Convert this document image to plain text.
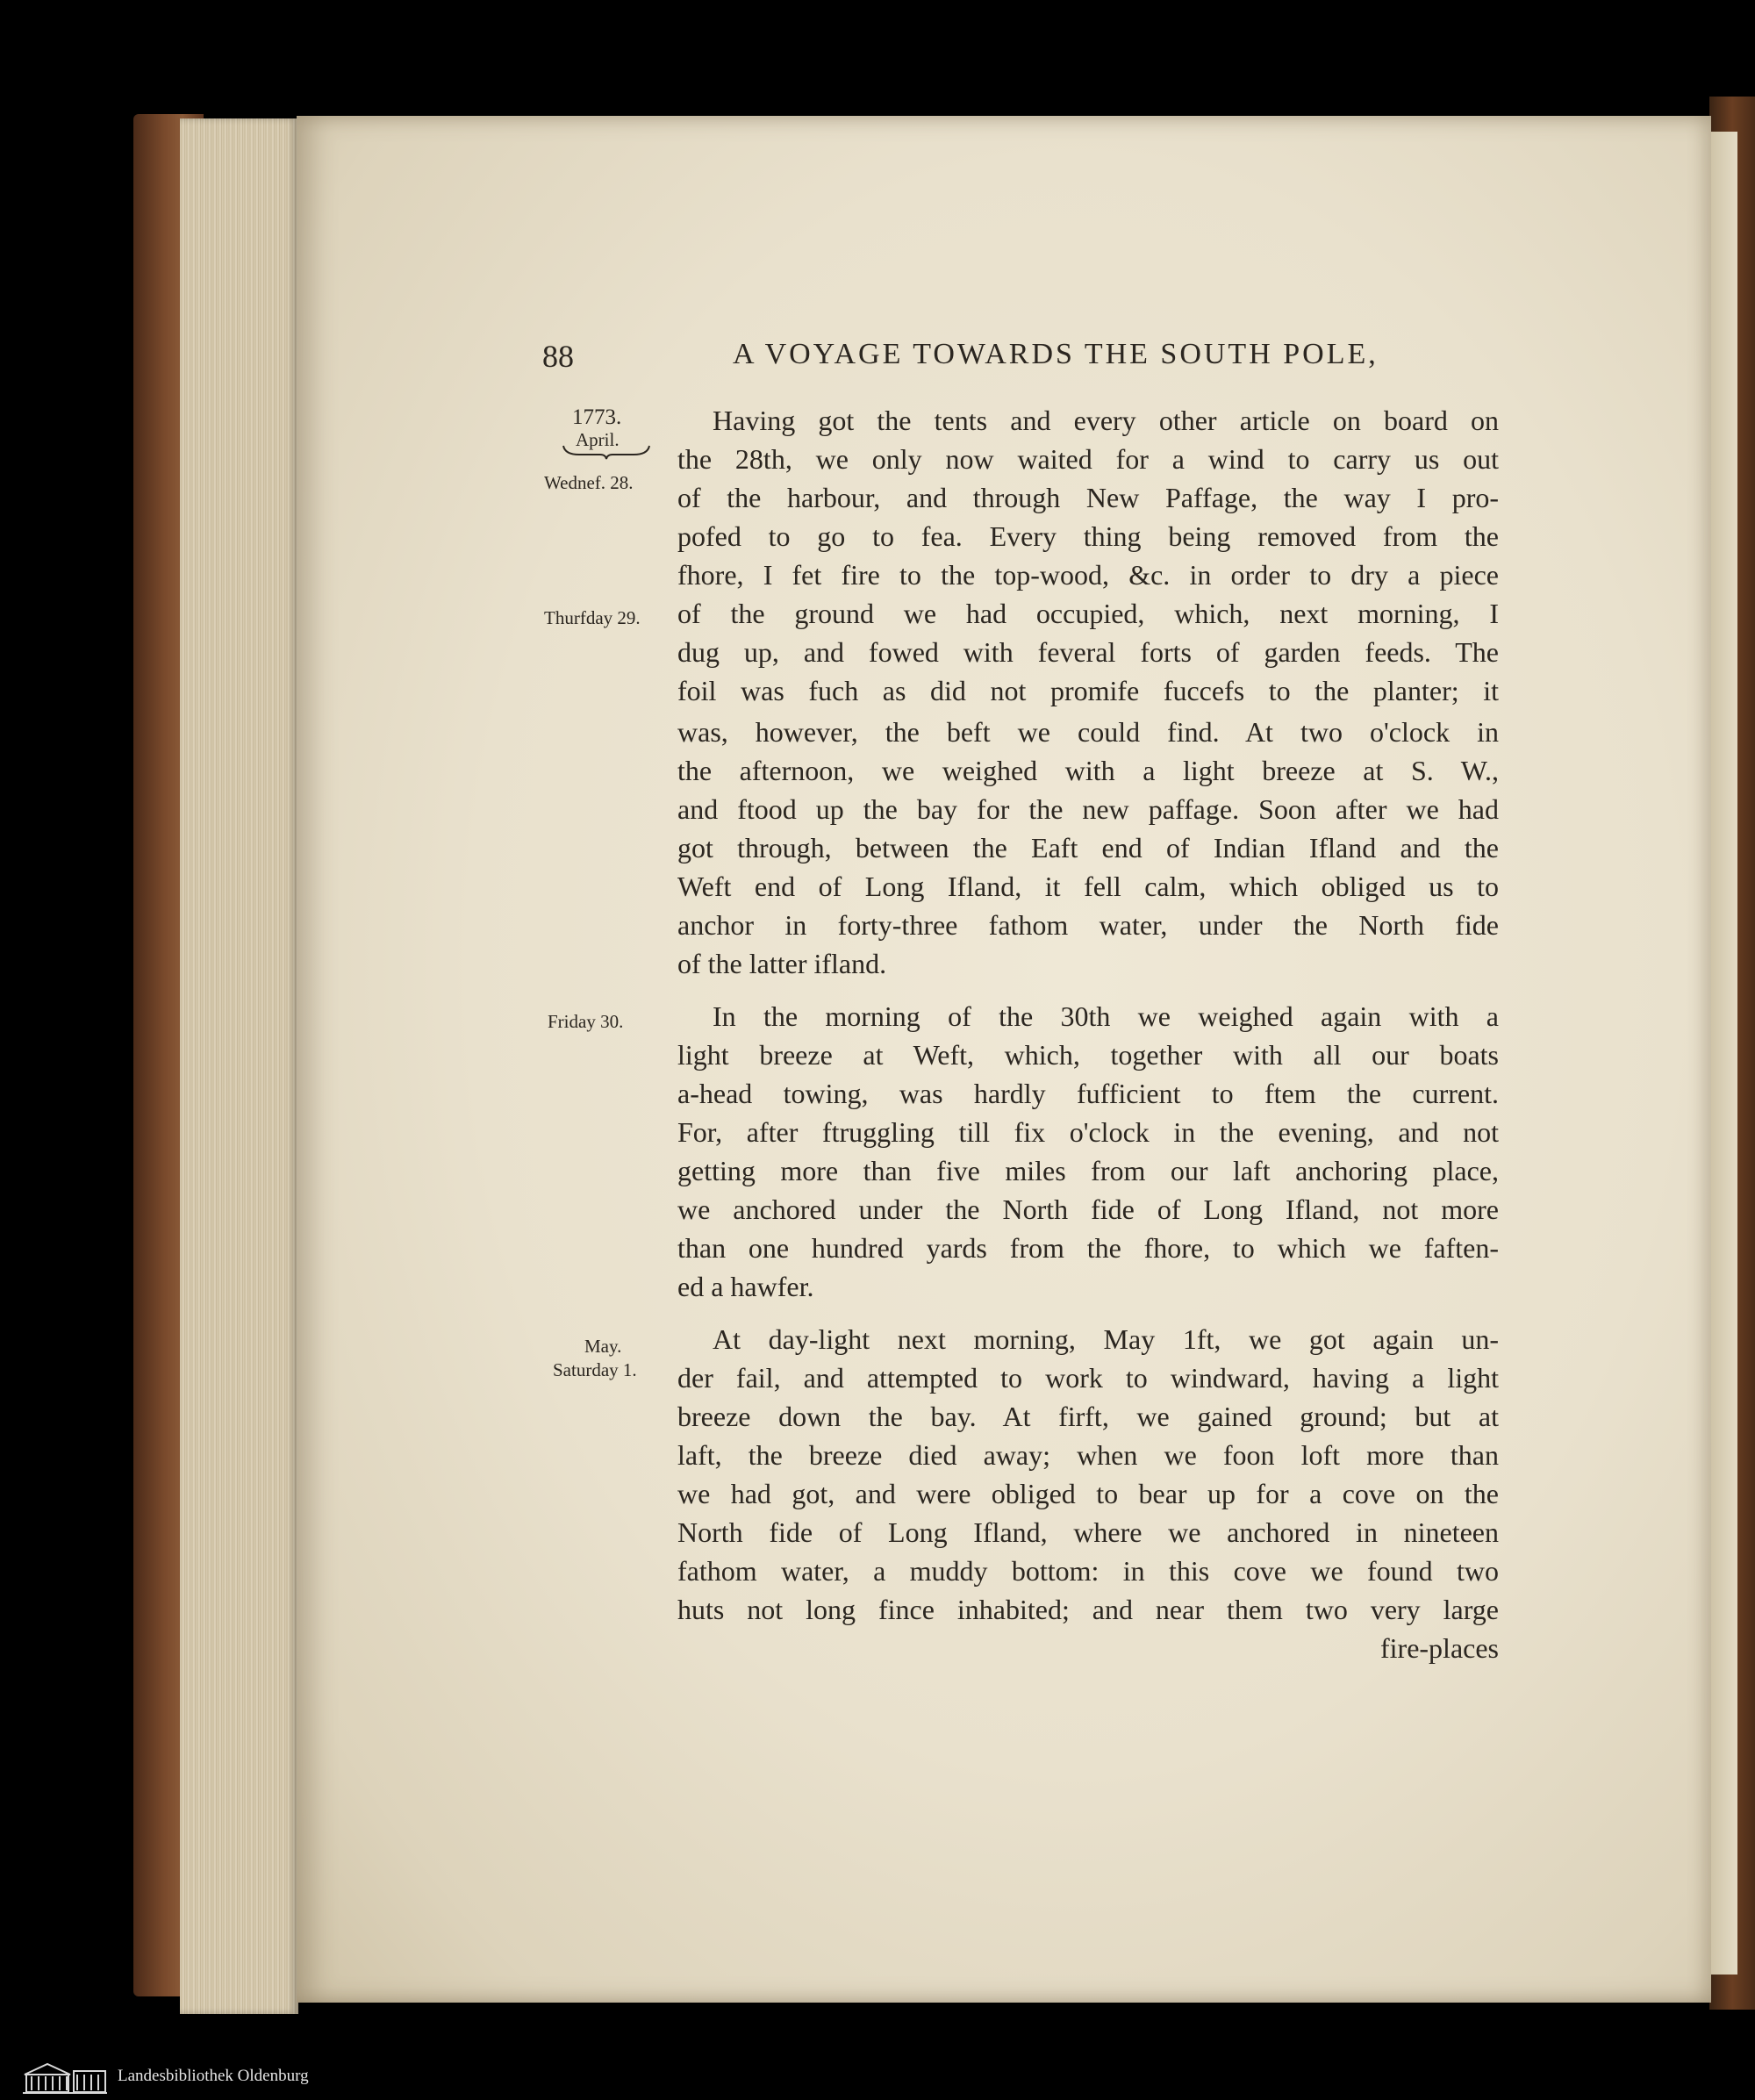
88	A VOYAGE TOWARDS THE SOUTH POLE,
1773.
April.
Wednef. 28.
Thurfday 29.
Friday 30.
May.
Saturday 1.
Having got the tents and every other article on board on
the 28th, we only now waited for a wind to carry us out
of the harbour, and through New Paffage, the way I pro-
pofed to go to fea. Every thing being removed from the
fhore, I fet fire to the top-wood, &c. in order to dry a piece
of the ground we had occupied, which, next morning, I
dug up, and fowed with feveral forts of garden feeds. The
foil was fuch as did not promife fuccefs to the planter; it
was, however, the beft we could find. At two o'clock in
the afternoon, we weighed with a light breeze at S. W.,
and ftood up the bay for the new paffage. Soon after we had
got through, between the Eaft end of Indian Ifland and the
Weft end of Long Ifland, it fell calm, which obliged us to
anchor in forty-three fathom water, under the North fide
of the latter ifland.
In the morning of the 30th we weighed again with a
light breeze at Weft, which, together with all our boats
a-head towing, was hardly fufficient to ftem the current.
For, after ftruggling till fix o'clock in the evening, and not
getting more than five miles from our laft anchoring place,
we anchored under the North fide of Long Ifland, not more
than one hundred yards from the fhore, to which we faften-
ed a hawfer.
At day-light next morning, May 1ft, we got again un-
der fail, and attempted to work to windward, having a light
breeze down the bay. At firft, we gained ground; but at
laft, the breeze died away; when we foon loft more than
we had got, and were obliged to bear up for a cove on the
North fide of Long Ifland, where we anchored in nineteen
fathom water, a muddy bottom: in this cove we found two
huts not long fince inhabited; and near them two very large
fire-places
Landesbibliothek Oldenburg
